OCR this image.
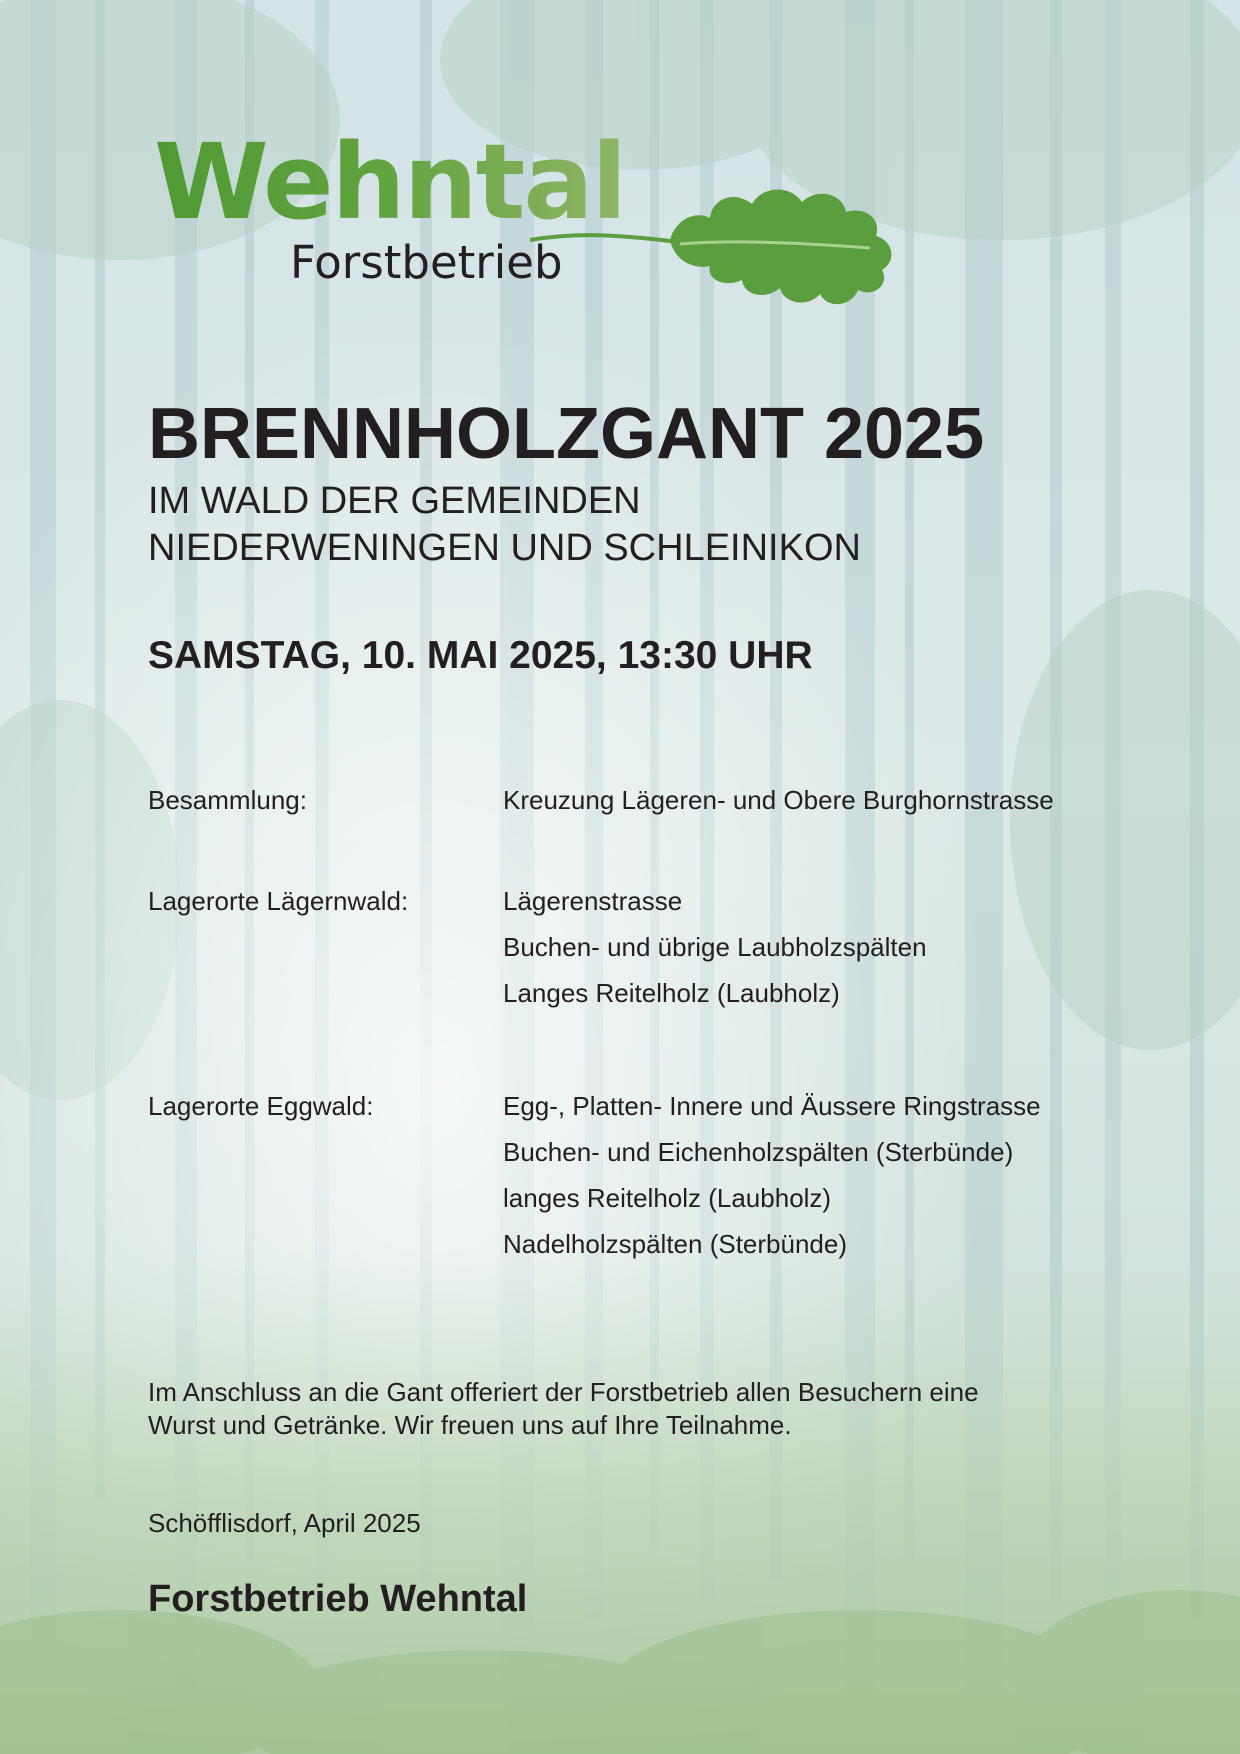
Wehntal
Forstbetrieb
BRENNHOLZGANT 2025
IM WALD DER GEMEINDEN
NIEDERWENINGEN UND SCHLEINIKON
SAMSTAG, 10. MAI 2025, 13:30 UHR
Besammlung:	Kreuzung Lägeren- und Obere Burghornstrasse
Lagerorte Lägernwald:	Lägerenstrasse
Buchen- und übrige Laubholzspälten
Langes Reitelholz (Laubholz)
Lagerorte Eggwald:	Egg-, Platten- Innere und Äussere Ringstrasse
Buchen- und Eichenholzspälten (Sterbünde)
langes Reitelholz (Laubholz)
Nadelholzspälten (Sterbünde)
Im Anschluss an die Gant offeriert der Forstbetrieb allen Besuchern eine
Wurst und Getränke. Wir freuen uns auf Ihre Teilnahme.
Schöfflisdorf, April 2025
Forstbetrieb Wehntal
